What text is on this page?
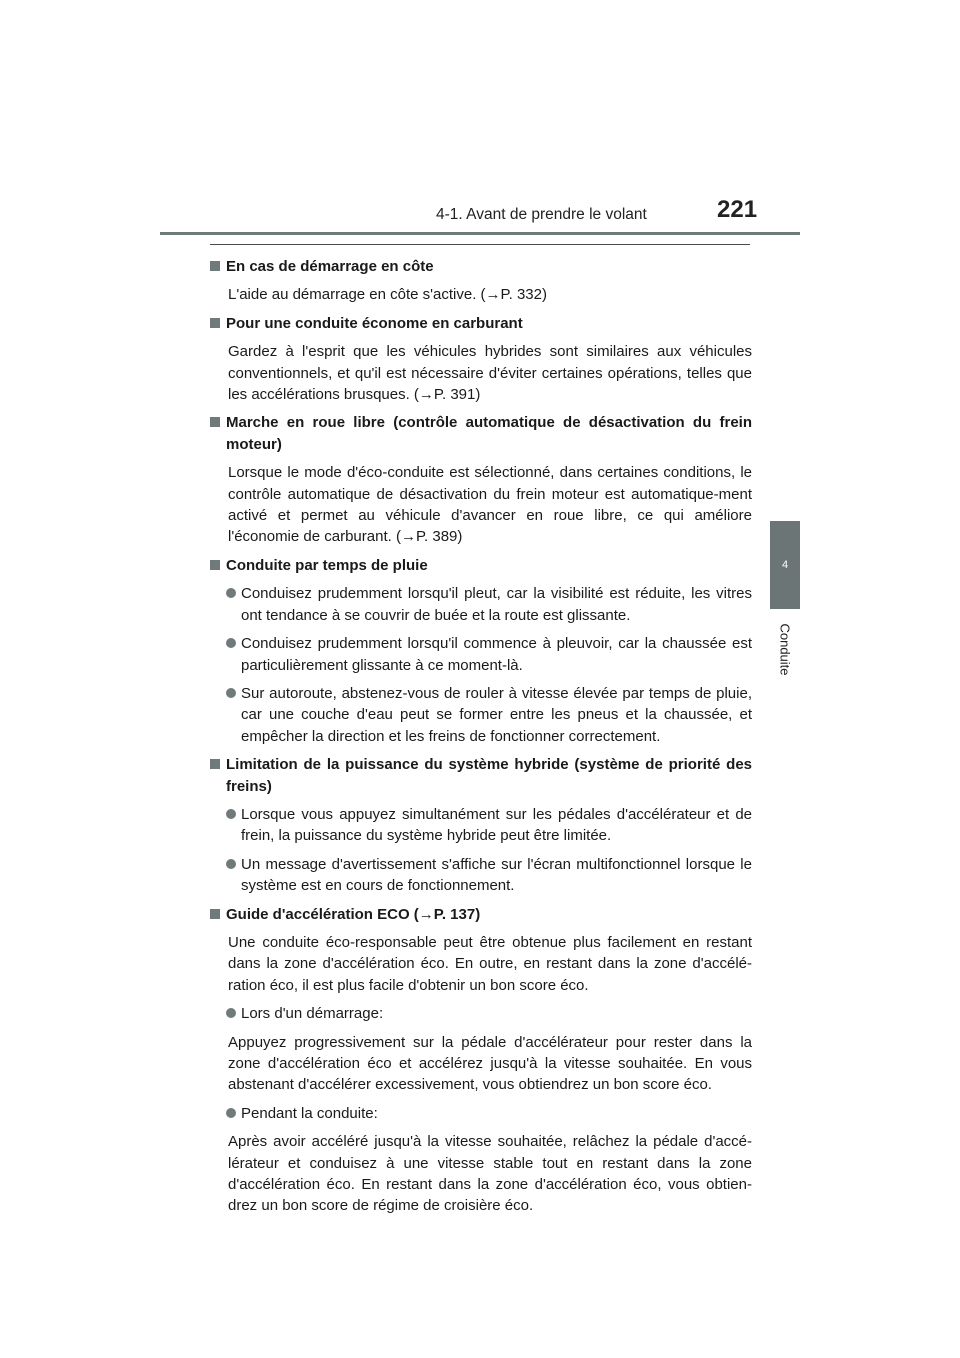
4-1. Avant de prendre le volant	221
4
Conduite
En cas de démarrage en côte
L'aide au démarrage en côte s'active. (→P. 332)
Pour une conduite économe en carburant
Gardez à l'esprit que les véhicules hybrides sont similaires aux véhicules conventionnels, et qu'il est nécessaire d'éviter certaines opérations, telles que les accélérations brusques. (→P. 391)
Marche en roue libre (contrôle automatique de désactivation du frein moteur)
Lorsque le mode d'éco-conduite est sélectionné, dans certaines conditions, le contrôle automatique de désactivation du frein moteur est automatique-ment activé et permet au véhicule d'avancer en roue libre, ce qui améliore l'économie de carburant. (→P. 389)
Conduite par temps de pluie
Conduisez prudemment lorsqu'il pleut, car la visibilité est réduite, les vitres ont tendance à se couvrir de buée et la route est glissante.
Conduisez prudemment lorsqu'il commence à pleuvoir, car la chaussée est particulièrement glissante à ce moment-là.
Sur autoroute, abstenez-vous de rouler à vitesse élevée par temps de pluie, car une couche d'eau peut se former entre les pneus et la chaussée, et empêcher la direction et les freins de fonctionner correctement.
Limitation de la puissance du système hybride (système de priorité des freins)
Lorsque vous appuyez simultanément sur les pédales d'accélérateur et de frein, la puissance du système hybride peut être limitée.
Un message d'avertissement s'affiche sur l'écran multifonctionnel lorsque le système est en cours de fonctionnement.
Guide d'accélération ECO (→P. 137)
Une conduite éco-responsable peut être obtenue plus facilement en restant dans la zone d'accélération éco. En outre, en restant dans la zone d'accélé-ration éco, il est plus facile d'obtenir un bon score éco.
Lors d'un démarrage:
Appuyez progressivement sur la pédale d'accélérateur pour rester dans la zone d'accélération éco et accélérez jusqu'à la vitesse souhaitée. En vous abstenant d'accélérer excessivement, vous obtiendrez un bon score éco.
Pendant la conduite:
Après avoir accéléré jusqu'à la vitesse souhaitée, relâchez la pédale d'accé-lérateur et conduisez à une vitesse stable tout en restant dans la zone d'accélération éco. En restant dans la zone d'accélération éco, vous obtien-drez un bon score de régime de croisière éco.
